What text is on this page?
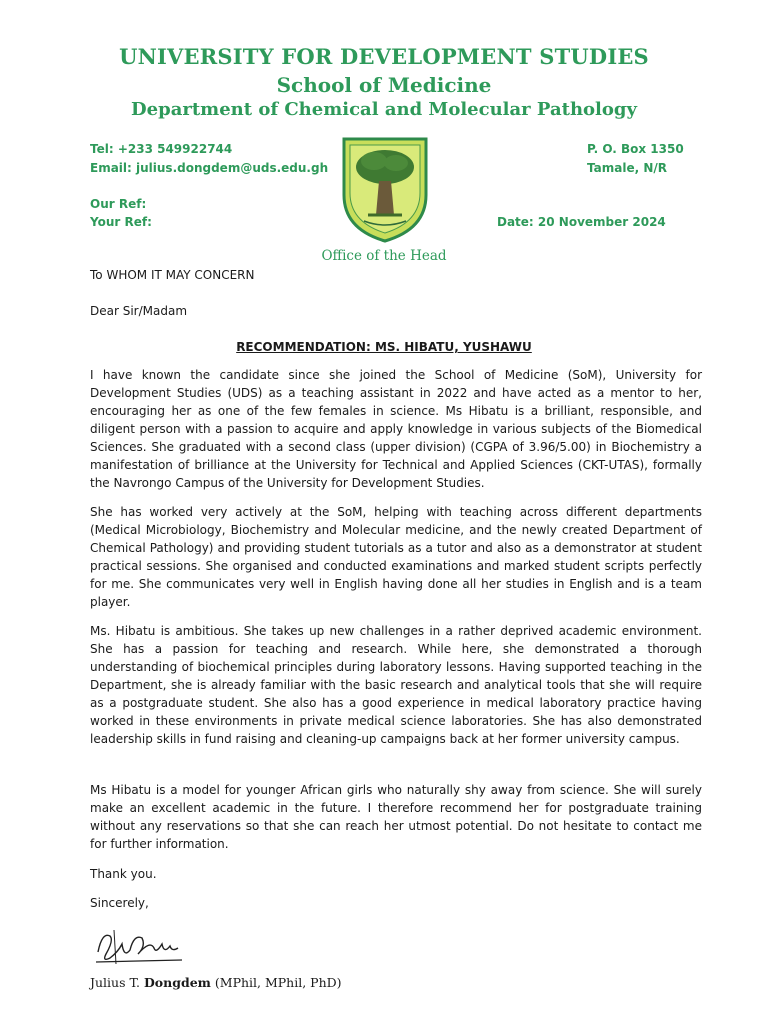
UNIVERSITY FOR DEVELOPMENT STUDIES
School of Medicine
Department of Chemical and Molecular Pathology
Tel: +233 549922744
Email: julius.dongdem@uds.edu.gh
P. O. Box 1350
Tamale, N/R
Our Ref:
Your Ref:	Date: 20 November 2024
Office of the Head
To WHOM IT MAY CONCERN
Dear Sir/Madam
RECOMMENDATION: MS. HIBATU, YUSHAWU

I have known the candidate since she joined the School of Medicine (SoM), University for Development Studies (UDS) as a teaching assistant in 2022 and have acted as a mentor to her, encouraging her as one of the few females in science. Ms Hibatu is a brilliant, responsible, and diligent person with a passion to acquire and apply knowledge in various subjects of the Biomedical Sciences. She graduated with a second class (upper division) (CGPA of 3.96/5.00) in Biochemistry a manifestation of brilliance at the University for Technical and Applied Sciences (CKT-UTAS), formally the Navrongo Campus of the University for Development Studies.

She has worked very actively at the SoM, helping with teaching across different departments (Medical Microbiology, Biochemistry and Molecular medicine, and the newly created Department of Chemical Pathology) and providing student tutorials as a tutor and also as a demonstrator at student practical sessions. She organised and conducted examinations and marked student scripts perfectly for me. She communicates very well in English having done all her studies in English and is a team player.

Ms. Hibatu is ambitious. She takes up new challenges in a rather deprived academic environment. She has a passion for teaching and research. While here, she demonstrated a thorough understanding of biochemical principles during laboratory lessons. Having supported teaching in the Department, she is already familiar with the basic research and analytical tools that she will require as a postgraduate student. She also has a good experience in medical laboratory practice having worked in these environments in private medical science laboratories. She has also demonstrated leadership skills in fund raising and cleaning-up campaigns back at her former university campus.

Ms Hibatu is a model for younger African girls who naturally shy away from science. She will surely make an excellent academic in the future. I therefore recommend her for postgraduate training without any reservations so that she can reach her utmost potential. Do not hesitate to contact me for further information.

Thank you.
Sincerely,
Julius T. Dongdem (MPhil, MPhil, PhD)
